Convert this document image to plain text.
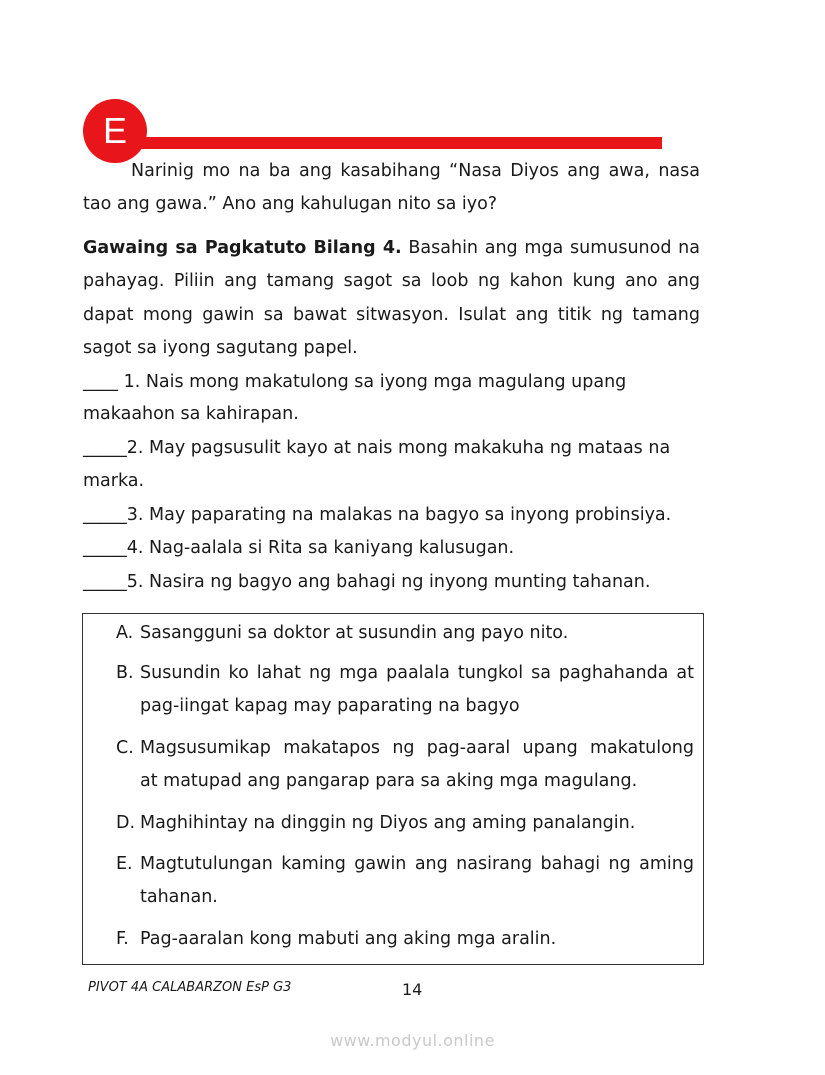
E
Narinig mo na ba ang kasabihang “Nasa Diyos ang awa, nasa
tao ang gawa.” Ano ang kahulugan nito sa iyo?
Gawaing sa Pagkatuto Bilang 4. Basahin ang mga sumusunod na
pahayag. Piliin ang tamang sagot sa loob ng kahon kung ano ang
dapat mong gawin sa bawat sitwasyon. Isulat ang titik ng tamang
sagot sa iyong sagutang papel.
____ 1. Nais mong makatulong sa iyong mga magulang upang
makaahon sa kahirapan.
_____2. May pagsusulit kayo at nais mong makakuha ng mataas na
marka.
_____3. May paparating na malakas na bagyo sa inyong probinsiya.
_____4. Nag-aalala si Rita sa kaniyang kalusugan.
_____5. Nasira ng bagyo ang bahagi ng inyong munting tahanan.
A. Sasangguni sa doktor at susundin ang payo nito.
B. Susundin ko lahat ng mga paalala tungkol sa paghahanda at
pag-iingat kapag may paparating na bagyo
C. Magsusumikap makatapos ng pag-aaral upang makatulong
at matupad ang pangarap para sa aking mga magulang.
D. Maghihintay na dinggin ng Diyos ang aming panalangin.
E. Magtutulungan kaming gawin ang nasirang bahagi ng aming
tahanan.
F. Pag-aaralan kong mabuti ang aking mga aralin.
PIVOT 4A CALABARZON EsP G3	14
www.modyul.online
